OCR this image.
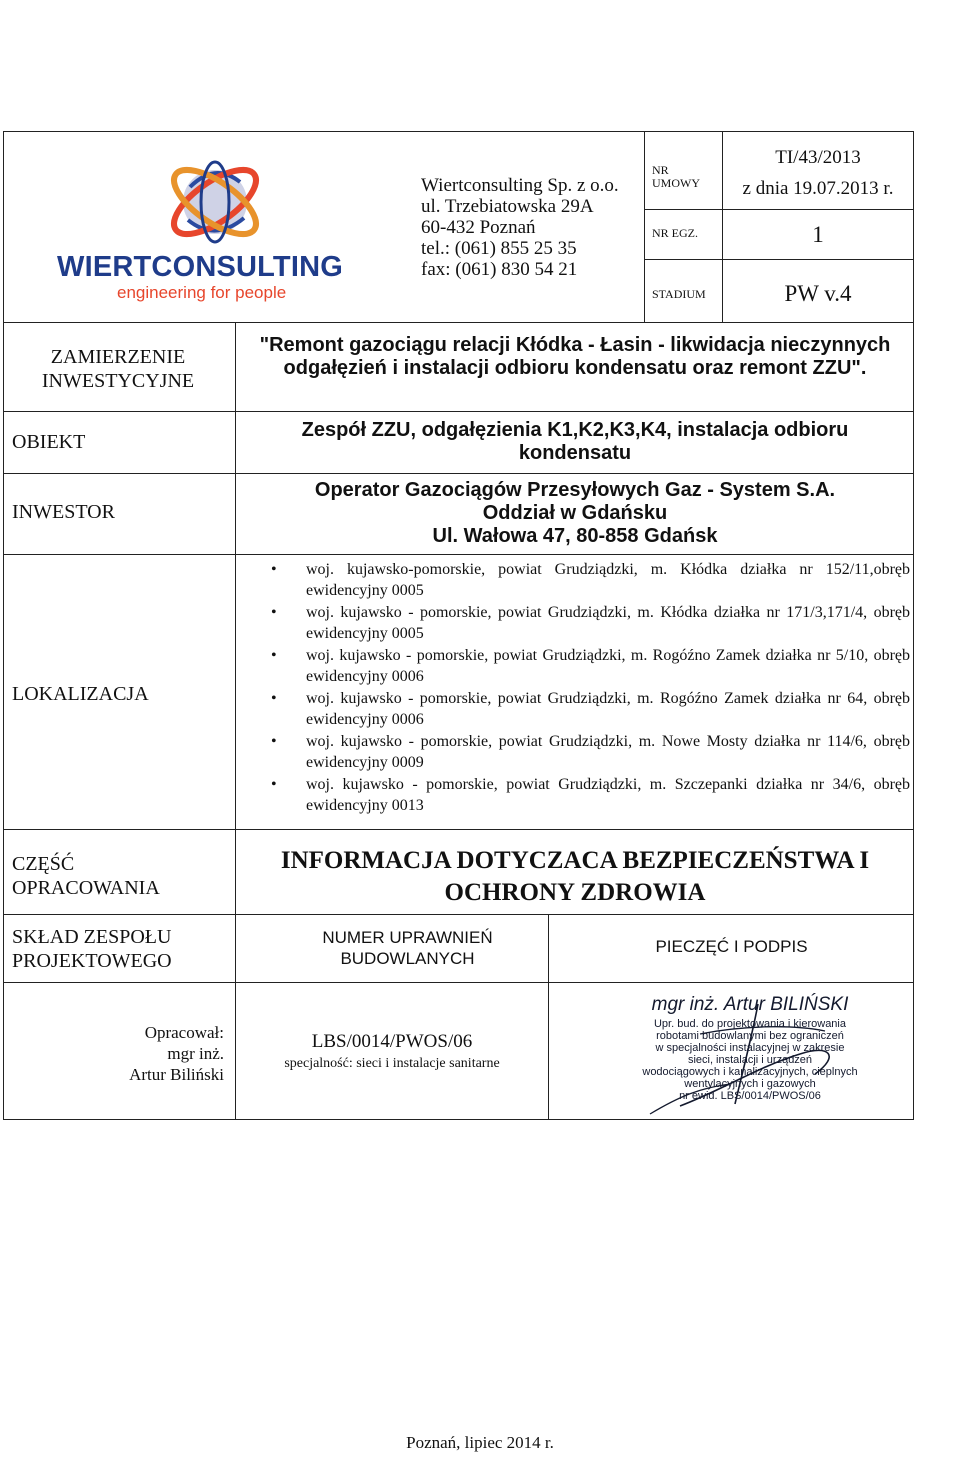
WIERTCONSULTING
engineering for people
Wiertconsulting Sp. z o.o.
ul. Trzebiatowska 29A
60-432 Poznań
tel.: (061) 855 25 35
fax: (061) 830 54 21
NR
UMOWY
NR EGZ.
STADIUM
TI/43/2013
z dnia 19.07.2013 r.
1
PW v.4
ZAMIERZENIE INWESTYCYJNE
OBIEKT
INWESTOR
LOKALIZACJA
CZĘŚĆ OPRACOWANIA
SKŁAD ZESPOŁU PROJEKTOWEGO
"Remont gazociągu relacji Kłódka - Łasin - likwidacja nieczynnych odgałęzień i instalacji odbioru kondensatu oraz remont ZZU".
Zespół ZZU, odgałęzienia K1,K2,K3,K4, instalacja odbioru kondensatu
Operator Gazociągów Przesyłowych Gaz - System S.A.
Oddział w Gdańsku
Ul. Wałowa 47, 80-858 Gdańsk
• woj. kujawsko-pomorskie, powiat Grudziądzki, m. Kłódka działka nr 152/11,obręb ewidencyjny 0005
• woj. kujawsko - pomorskie, powiat Grudziądzki, m. Kłódka działka nr 171/3,171/4, obręb ewidencyjny 0005
• woj. kujawsko - pomorskie, powiat Grudziądzki, m. Rogóźno Zamek działka nr 5/10, obręb ewidencyjny 0006
• woj. kujawsko - pomorskie, powiat Grudziądzki, m. Rogóźno Zamek działka nr 64, obręb ewidencyjny 0006
• woj. kujawsko - pomorskie, powiat Grudziądzki, m. Nowe Mosty działka nr 114/6, obręb ewidencyjny 0009
• woj. kujawsko - pomorskie, powiat Grudziądzki, m. Szczepanki działka nr 34/6, obręb ewidencyjny 0013
INFORMACJA DOTYCZACA BEZPIECZEŃSTWA I
OCHRONY ZDROWIA
NUMER UPRAWNIEŃ BUDOWLANYCH
PIECZĘĆ I PODPIS
Opracował:
mgr inż.
Artur Biliński
LBS/0014/PWOS/06
specjalność: sieci i instalacje sanitarne
mgr inż. Artur BILIŃSKI
Upr. bud. do projektowania i kierowania
robotami budowlanymi bez ograniczeń
w specjalności instalacyjnej w zakresie
sieci, instalacji i urządzeń
wodociągowych i kanalizacyjnych, cieplnych
wentylacyjnych i gazowych
nr ewid. LBS/0014/PWOS/06
Poznań, lipiec 2014 r.
